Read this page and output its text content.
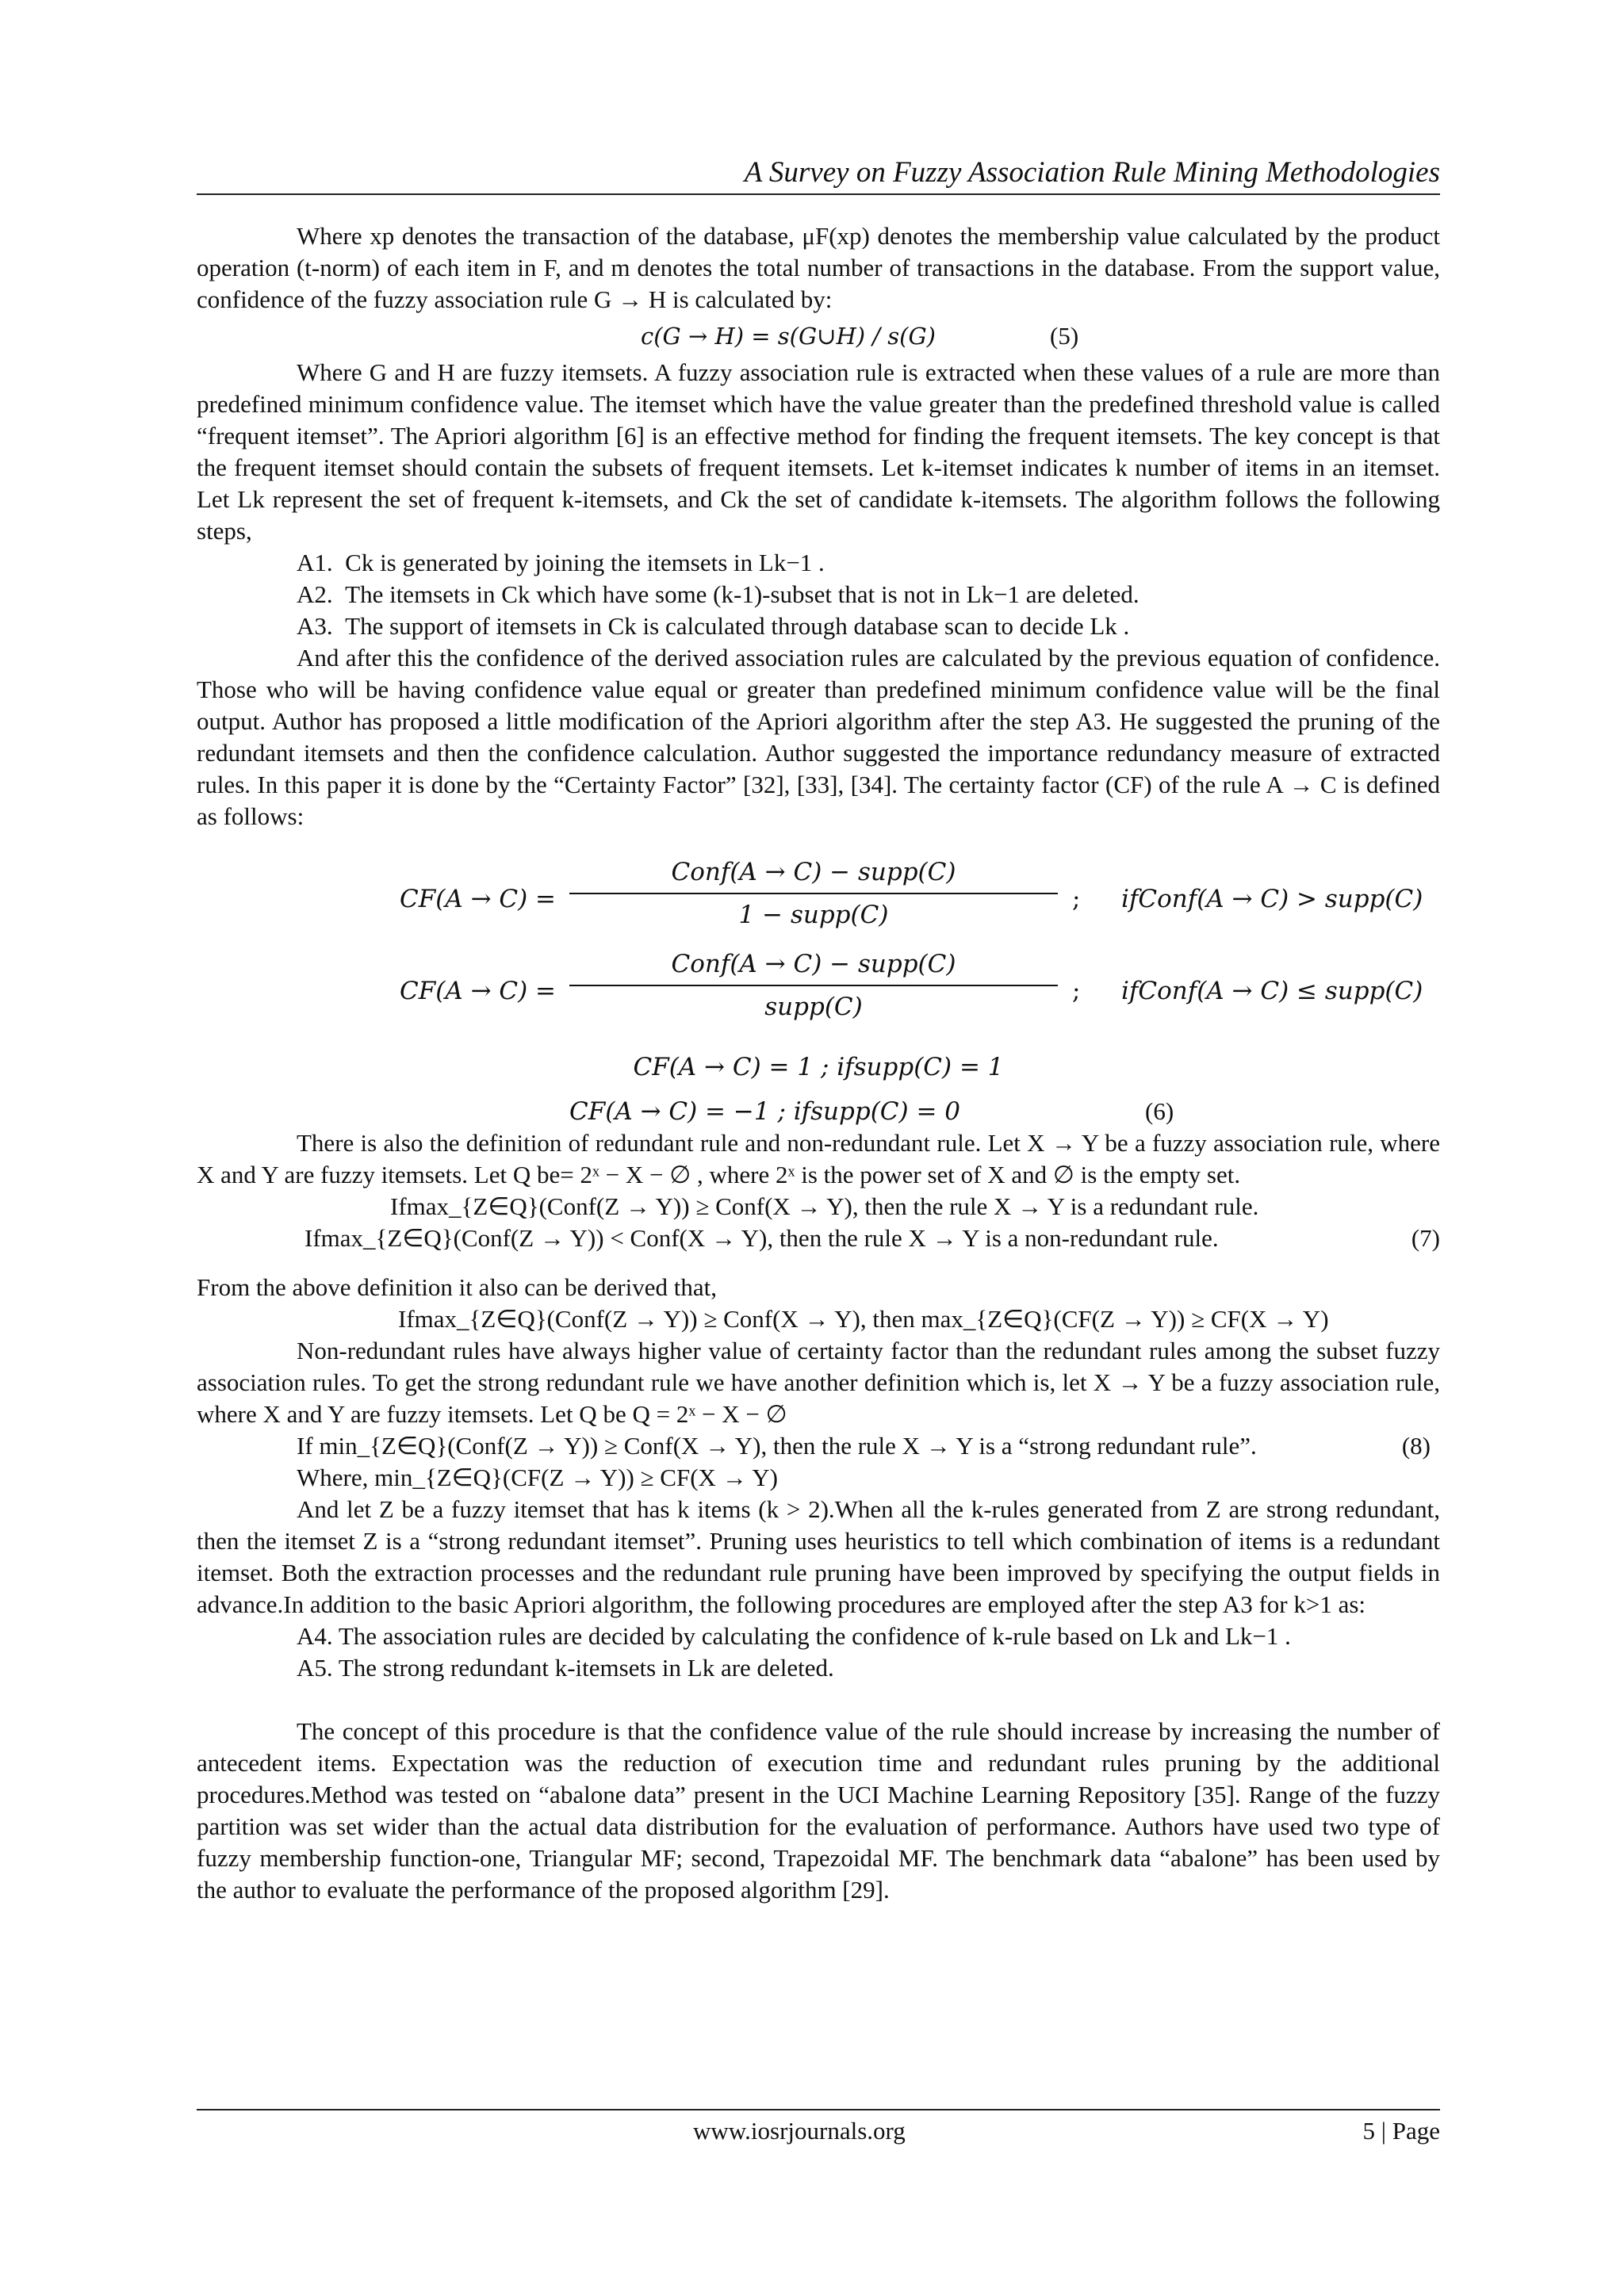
A Survey on Fuzzy Association Rule Mining Methodologies

Where xp denotes the transaction of the database, μF(xp) denotes the membership value calculated by the product operation (t-norm) of each item in F, and m denotes the total number of transactions in the database. From the support value, confidence of the fuzzy association rule G → H is calculated by:

c(G → H) = s(G∪H) / s(G)	(5)

Where G and H are fuzzy itemsets. A fuzzy association rule is extracted when these values of a rule are more than predefined minimum confidence value. The itemset which have the value greater than the predefined threshold value is called “frequent itemset”. The Apriori algorithm [6] is an effective method for finding the frequent itemsets. The key concept is that the frequent itemset should contain the subsets of frequent itemsets. Let k-itemset indicates k number of items in an itemset. Let Lk represent the set of frequent k-itemsets, and Ck the set of candidate k-itemsets. The algorithm follows the following steps,

A1. Ck is generated by joining the itemsets in Lk−1 .

A2. The itemsets in Ck which have some (k-1)-subset that is not in Lk−1 are deleted.

A3. The support of itemsets in Ck is calculated through database scan to decide Lk .

And after this the confidence of the derived association rules are calculated by the previous equation of confidence. Those who will be having confidence value equal or greater than predefined minimum confidence value will be the final output. Author has proposed a little modification of the Apriori algorithm after the step A3. He suggested the pruning of the redundant itemsets and then the confidence calculation. Author suggested the importance redundancy measure of extracted rules. In this paper it is done by the “Certainty Factor” [32], [33], [34]. The certainty factor (CF) of the rule A → C is defined as follows:

CF(A → C) =
Conf(A → C) − supp(C)
1 − supp(C)
; ifConf(A → C) > supp(C)
CF(A → C) =
Conf(A → C) − supp(C)
supp(C)
; ifConf(A → C) ≤ supp(C)
CF(A → C) = 1 ; ifsupp(C) = 1
CF(A → C) = −1 ; ifsupp(C) = 0	(6)

There is also the definition of redundant rule and non-redundant rule. Let X → Y be a fuzzy association rule, where X and Y are fuzzy itemsets. Let Q be= 2ˣ − X − ∅ , where 2ˣ is the power set of X and ∅ is the empty set.

Ifmax_{Z∈Q}(Conf(Z → Y)) ≥ Conf(X → Y), then the rule X → Y is a redundant rule.
Ifmax_{Z∈Q}(Conf(Z → Y)) < Conf(X → Y), then the rule X → Y is a non-redundant rule.	(7)

From the above definition it also can be derived that,

Ifmax_{Z∈Q}(Conf(Z → Y)) ≥ Conf(X → Y), then max_{Z∈Q}(CF(Z → Y)) ≥ CF(X → Y)

Non-redundant rules have always higher value of certainty factor than the redundant rules among the subset fuzzy association rules. To get the strong redundant rule we have another definition which is, let X → Y be a fuzzy association rule, where X and Y are fuzzy itemsets. Let Q be Q = 2ˣ − X − ∅

If min_{Z∈Q}(Conf(Z → Y)) ≥ Conf(X → Y), then the rule X → Y is a “strong redundant rule”.	(8)
Where, min_{Z∈Q}(CF(Z → Y)) ≥ CF(X → Y)

And let Z be a fuzzy itemset that has k items (k > 2).When all the k-rules generated from Z are strong redundant, then the itemset Z is a “strong redundant itemset”. Pruning uses heuristics to tell which combination of items is a redundant itemset. Both the extraction processes and the redundant rule pruning have been improved by specifying the output fields in advance.In addition to the basic Apriori algorithm, the following procedures are employed after the step A3 for k>1 as:

A4. The association rules are decided by calculating the confidence of k-rule based on Lk and Lk−1 .

A5. The strong redundant k-itemsets in Lk are deleted.

The concept of this procedure is that the confidence value of the rule should increase by increasing the number of antecedent items. Expectation was the reduction of execution time and redundant rules pruning by the additional procedures.Method was tested on “abalone data” present in the UCI Machine Learning Repository [35]. Range of the fuzzy partition was set wider than the actual data distribution for the evaluation of performance. Authors have used two type of fuzzy membership function-one, Triangular MF; second, Trapezoidal MF. The benchmark data “abalone” has been used by the author to evaluate the performance of the proposed algorithm [29].

www.iosrjournals.org	5 | Page
